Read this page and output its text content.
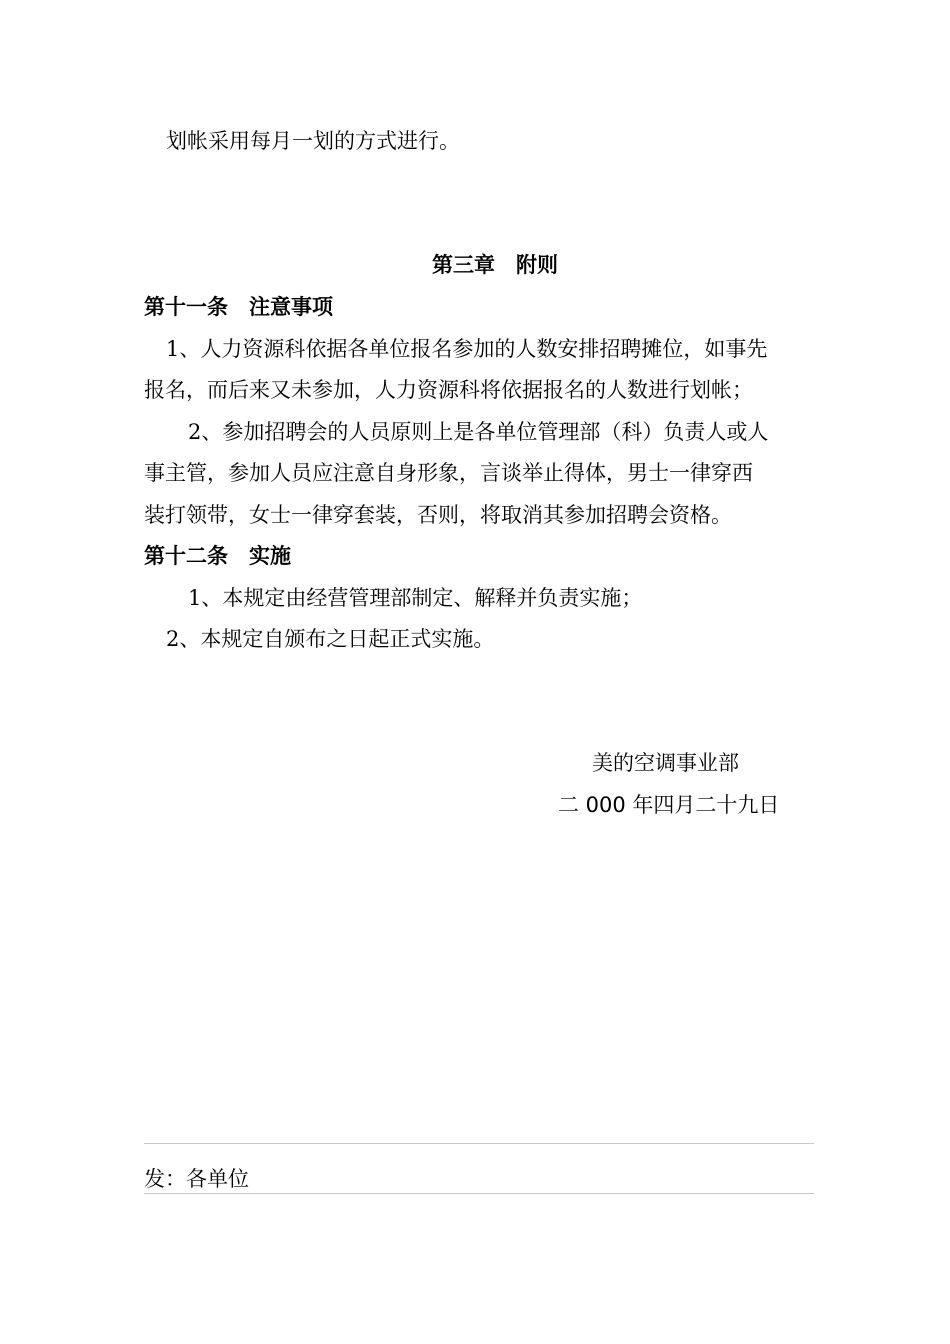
划帐采用每月一划的方式进行。
第三章　附则
第十一条　注意事项
1、人力资源科依据各单位报名参加的人数安排招聘摊位，如事先
报名，而后来又未参加，人力资源科将依据报名的人数进行划帐；
2、参加招聘会的人员原则上是各单位管理部（科）负责人或人
事主管，参加人员应注意自身形象，言谈举止得体，男士一律穿西
装打领带，女士一律穿套装，否则，将取消其参加招聘会资格。
第十二条　实施
1、本规定由经营管理部制定、解释并负责实施；
2、本规定自颁布之日起正式实施。
美的空调事业部
二 000 年四月二十九日
发：各单位
